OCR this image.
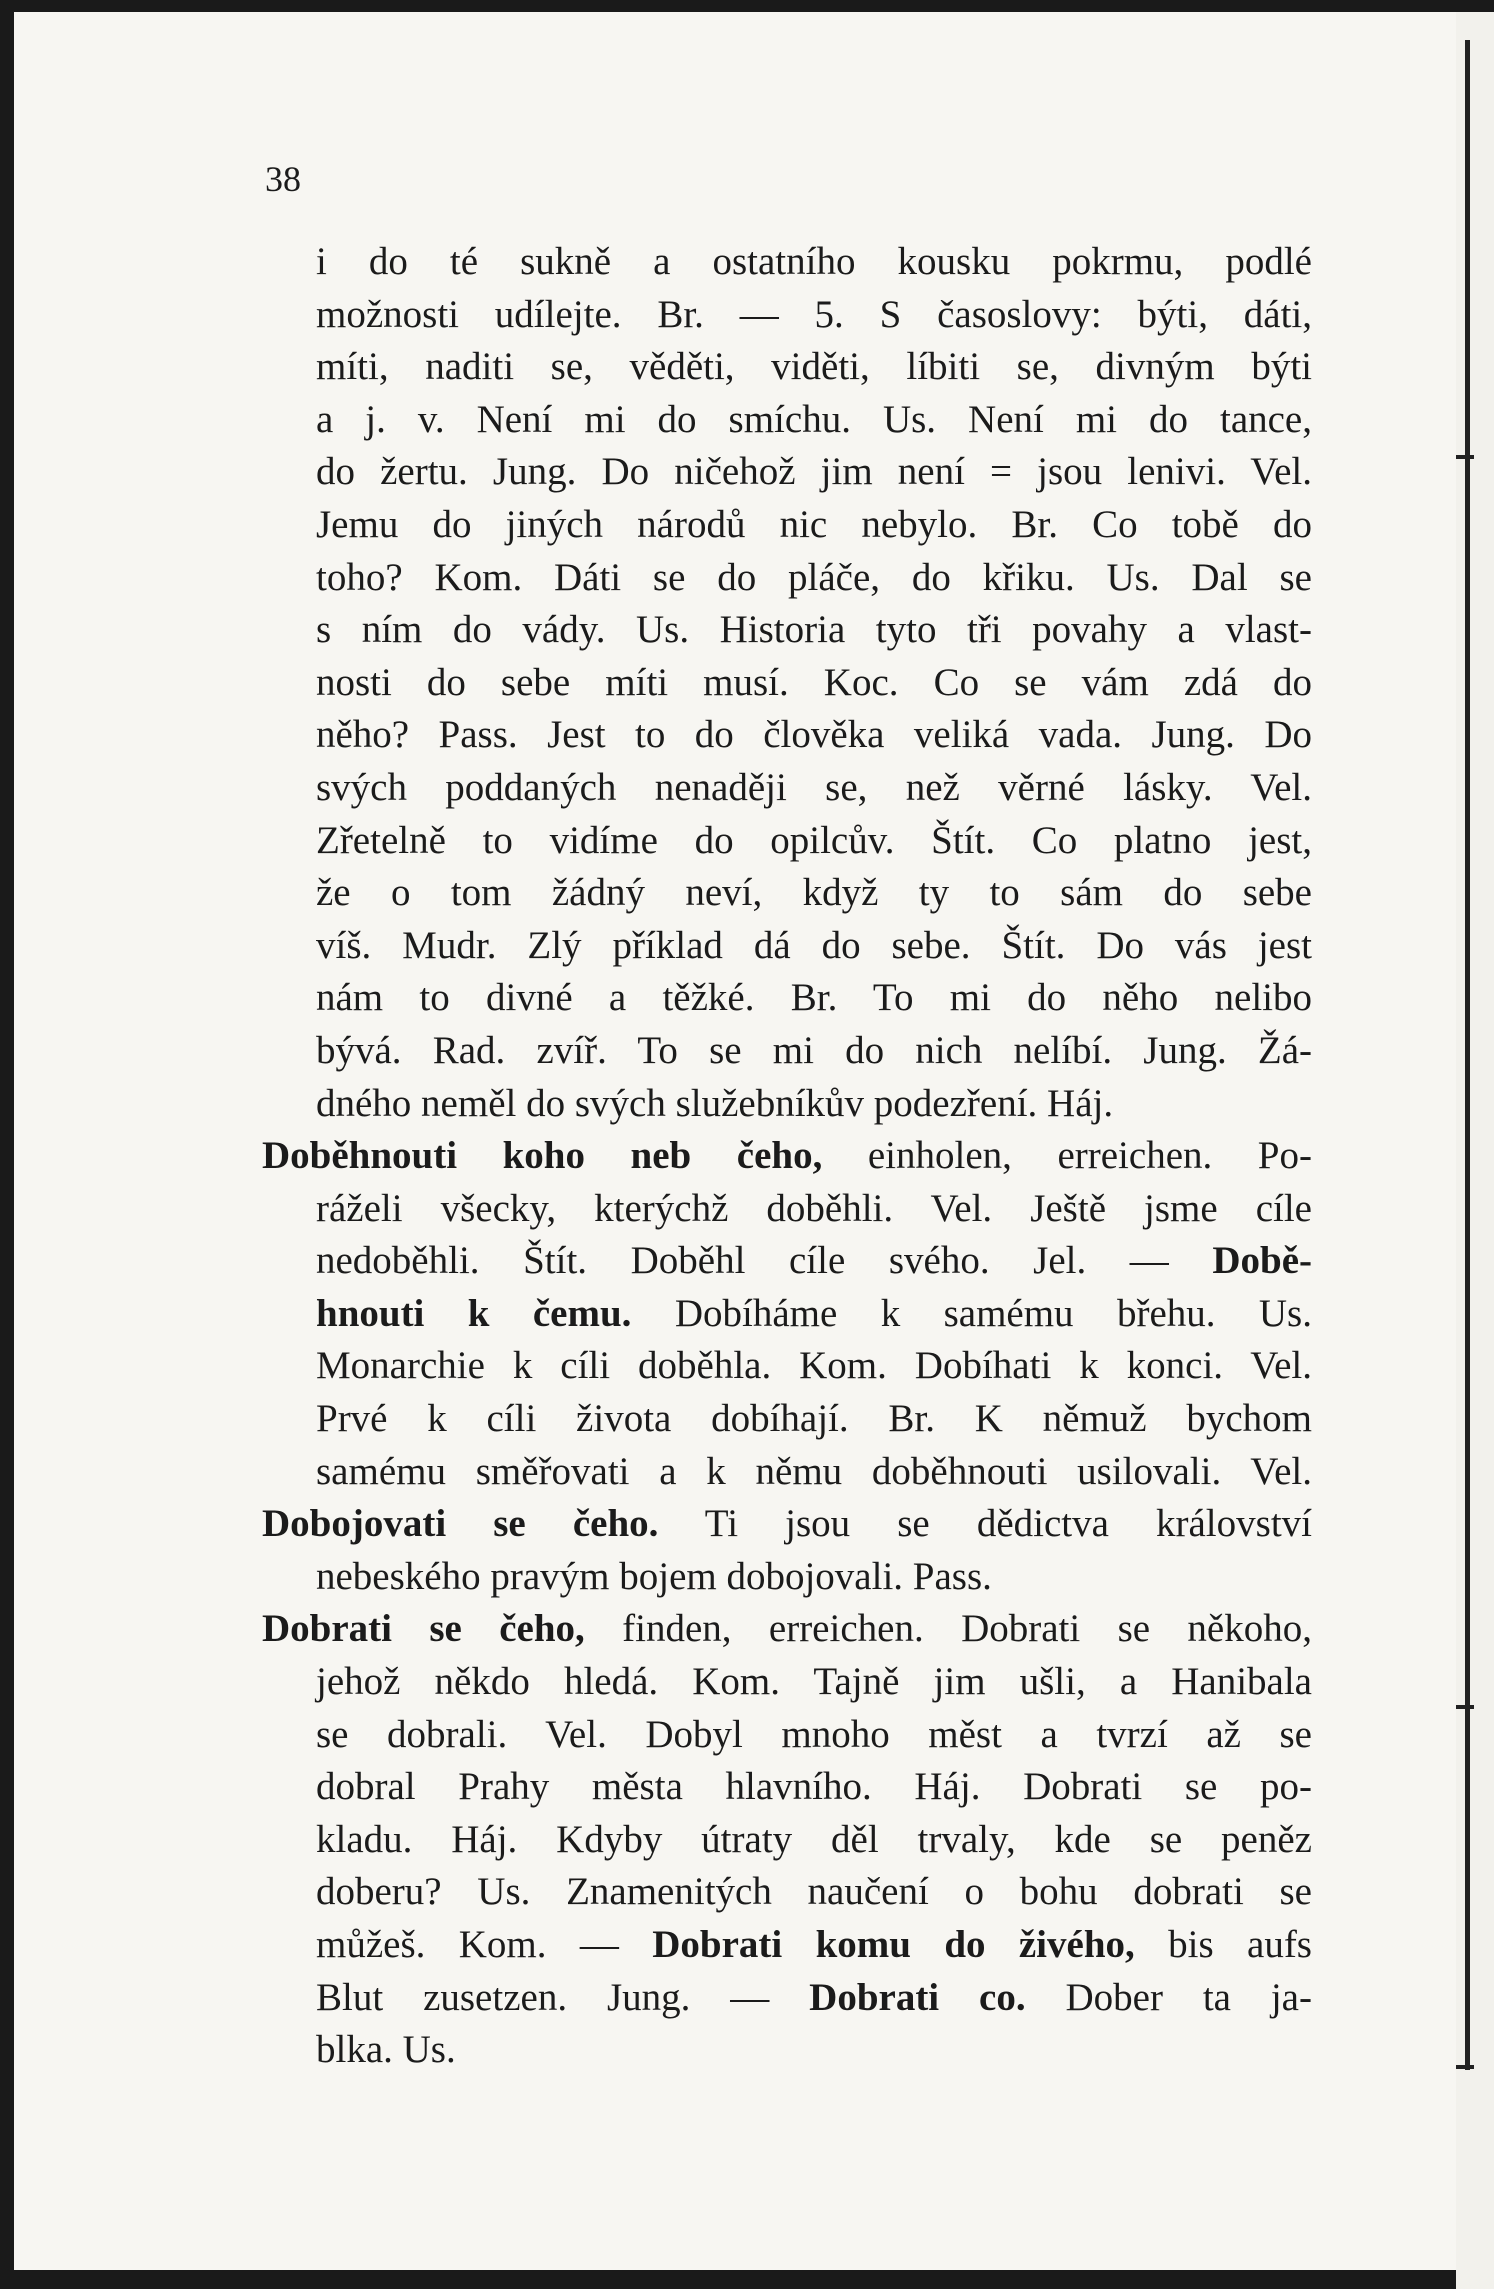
38
i do té sukně a ostatního kousku pokrmu, podlé
možnosti udílejte. Br. — 5. S časoslovy: býti, dáti,
míti, naditi se, věděti, viděti, líbiti se, divným býti
a j. v. Není mi do smíchu. Us. Není mi do tance,
do žertu. Jung. Do ničehož jim není = jsou lenivi. Vel.
Jemu do jiných národů nic nebylo. Br. Co tobě do
toho? Kom. Dáti se do pláče, do křiku. Us. Dal se
s ním do vády. Us. Historia tyto tři povahy a vlast-
nosti do sebe míti musí. Koc. Co se vám zdá do
něho? Pass. Jest to do člověka veliká vada. Jung. Do
svých poddaných nenaději se, než věrné lásky. Vel.
Zřetelně to vidíme do opilcův. Štít. Co platno jest,
že o tom žádný neví, když ty to sám do sebe
víš. Mudr. Zlý příklad dá do sebe. Štít. Do vás jest
nám to divné a těžké. Br. To mi do něho nelibo
bývá. Rad. zvíř. To se mi do nich nelíbí. Jung. Žá-
dného neměl do svých služebníkův podezření. Háj.
Doběhnouti koho neb čeho, einholen, erreichen. Po-
ráželi všecky, kterýchž doběhli. Vel. Ještě jsme cíle
nedoběhli. Štít. Doběhl cíle svého. Jel. — Době-
hnouti k čemu. Dobíháme k samému břehu. Us.
Monarchie k cíli doběhla. Kom. Dobíhati k konci. Vel.
Prvé k cíli života dobíhají. Br. K němuž bychom
samému směřovati a k němu doběhnouti usilovali. Vel.
Dobojovati se čeho. Ti jsou se dědictva království
nebeského pravým bojem dobojovali. Pass.
Dobrati se čeho, finden, erreichen. Dobrati se někoho,
jehož někdo hledá. Kom. Tajně jim ušli, a Hanibala
se dobrali. Vel. Dobyl mnoho měst a tvrzí až se
dobral Prahy města hlavního. Háj. Dobrati se po-
kladu. Háj. Kdyby útraty děl trvaly, kde se peněz
doberu? Us. Znamenitých naučení o bohu dobrati se
můžeš. Kom. — Dobrati komu do živého, bis aufs
Blut zusetzen. Jung. — Dobrati co. Dober ta ja-
blka. Us.
